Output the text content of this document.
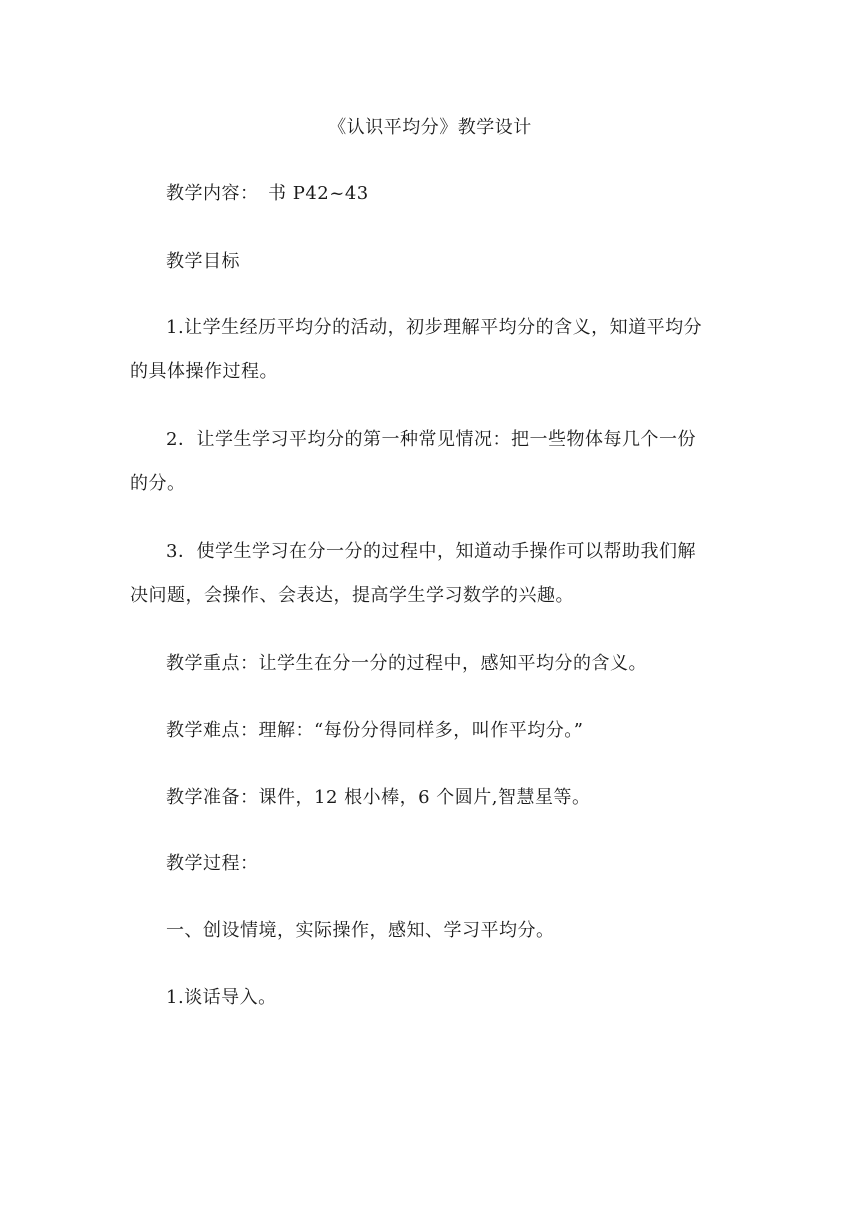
《认识平均分》教学设计
教学内容：　书 P42~43
教学目标
1.让学生经历平均分的活动，初步理解平均分的含义，知道平均分
的具体操作过程。
2．让学生学习平均分的第一种常见情况：把一些物体每几个一份
的分。
3．使学生学习在分一分的过程中，知道动手操作可以帮助我们解
决问题，会操作、会表达，提高学生学习数学的兴趣。
教学重点：让学生在分一分的过程中，感知平均分的含义。
教学难点：理解：“每份分得同样多，叫作平均分。”
教学准备：课件，12 根小棒，6 个圆片,智慧星等。
教学过程：
一、创设情境，实际操作，感知、学习平均分。
1.谈话导入。
